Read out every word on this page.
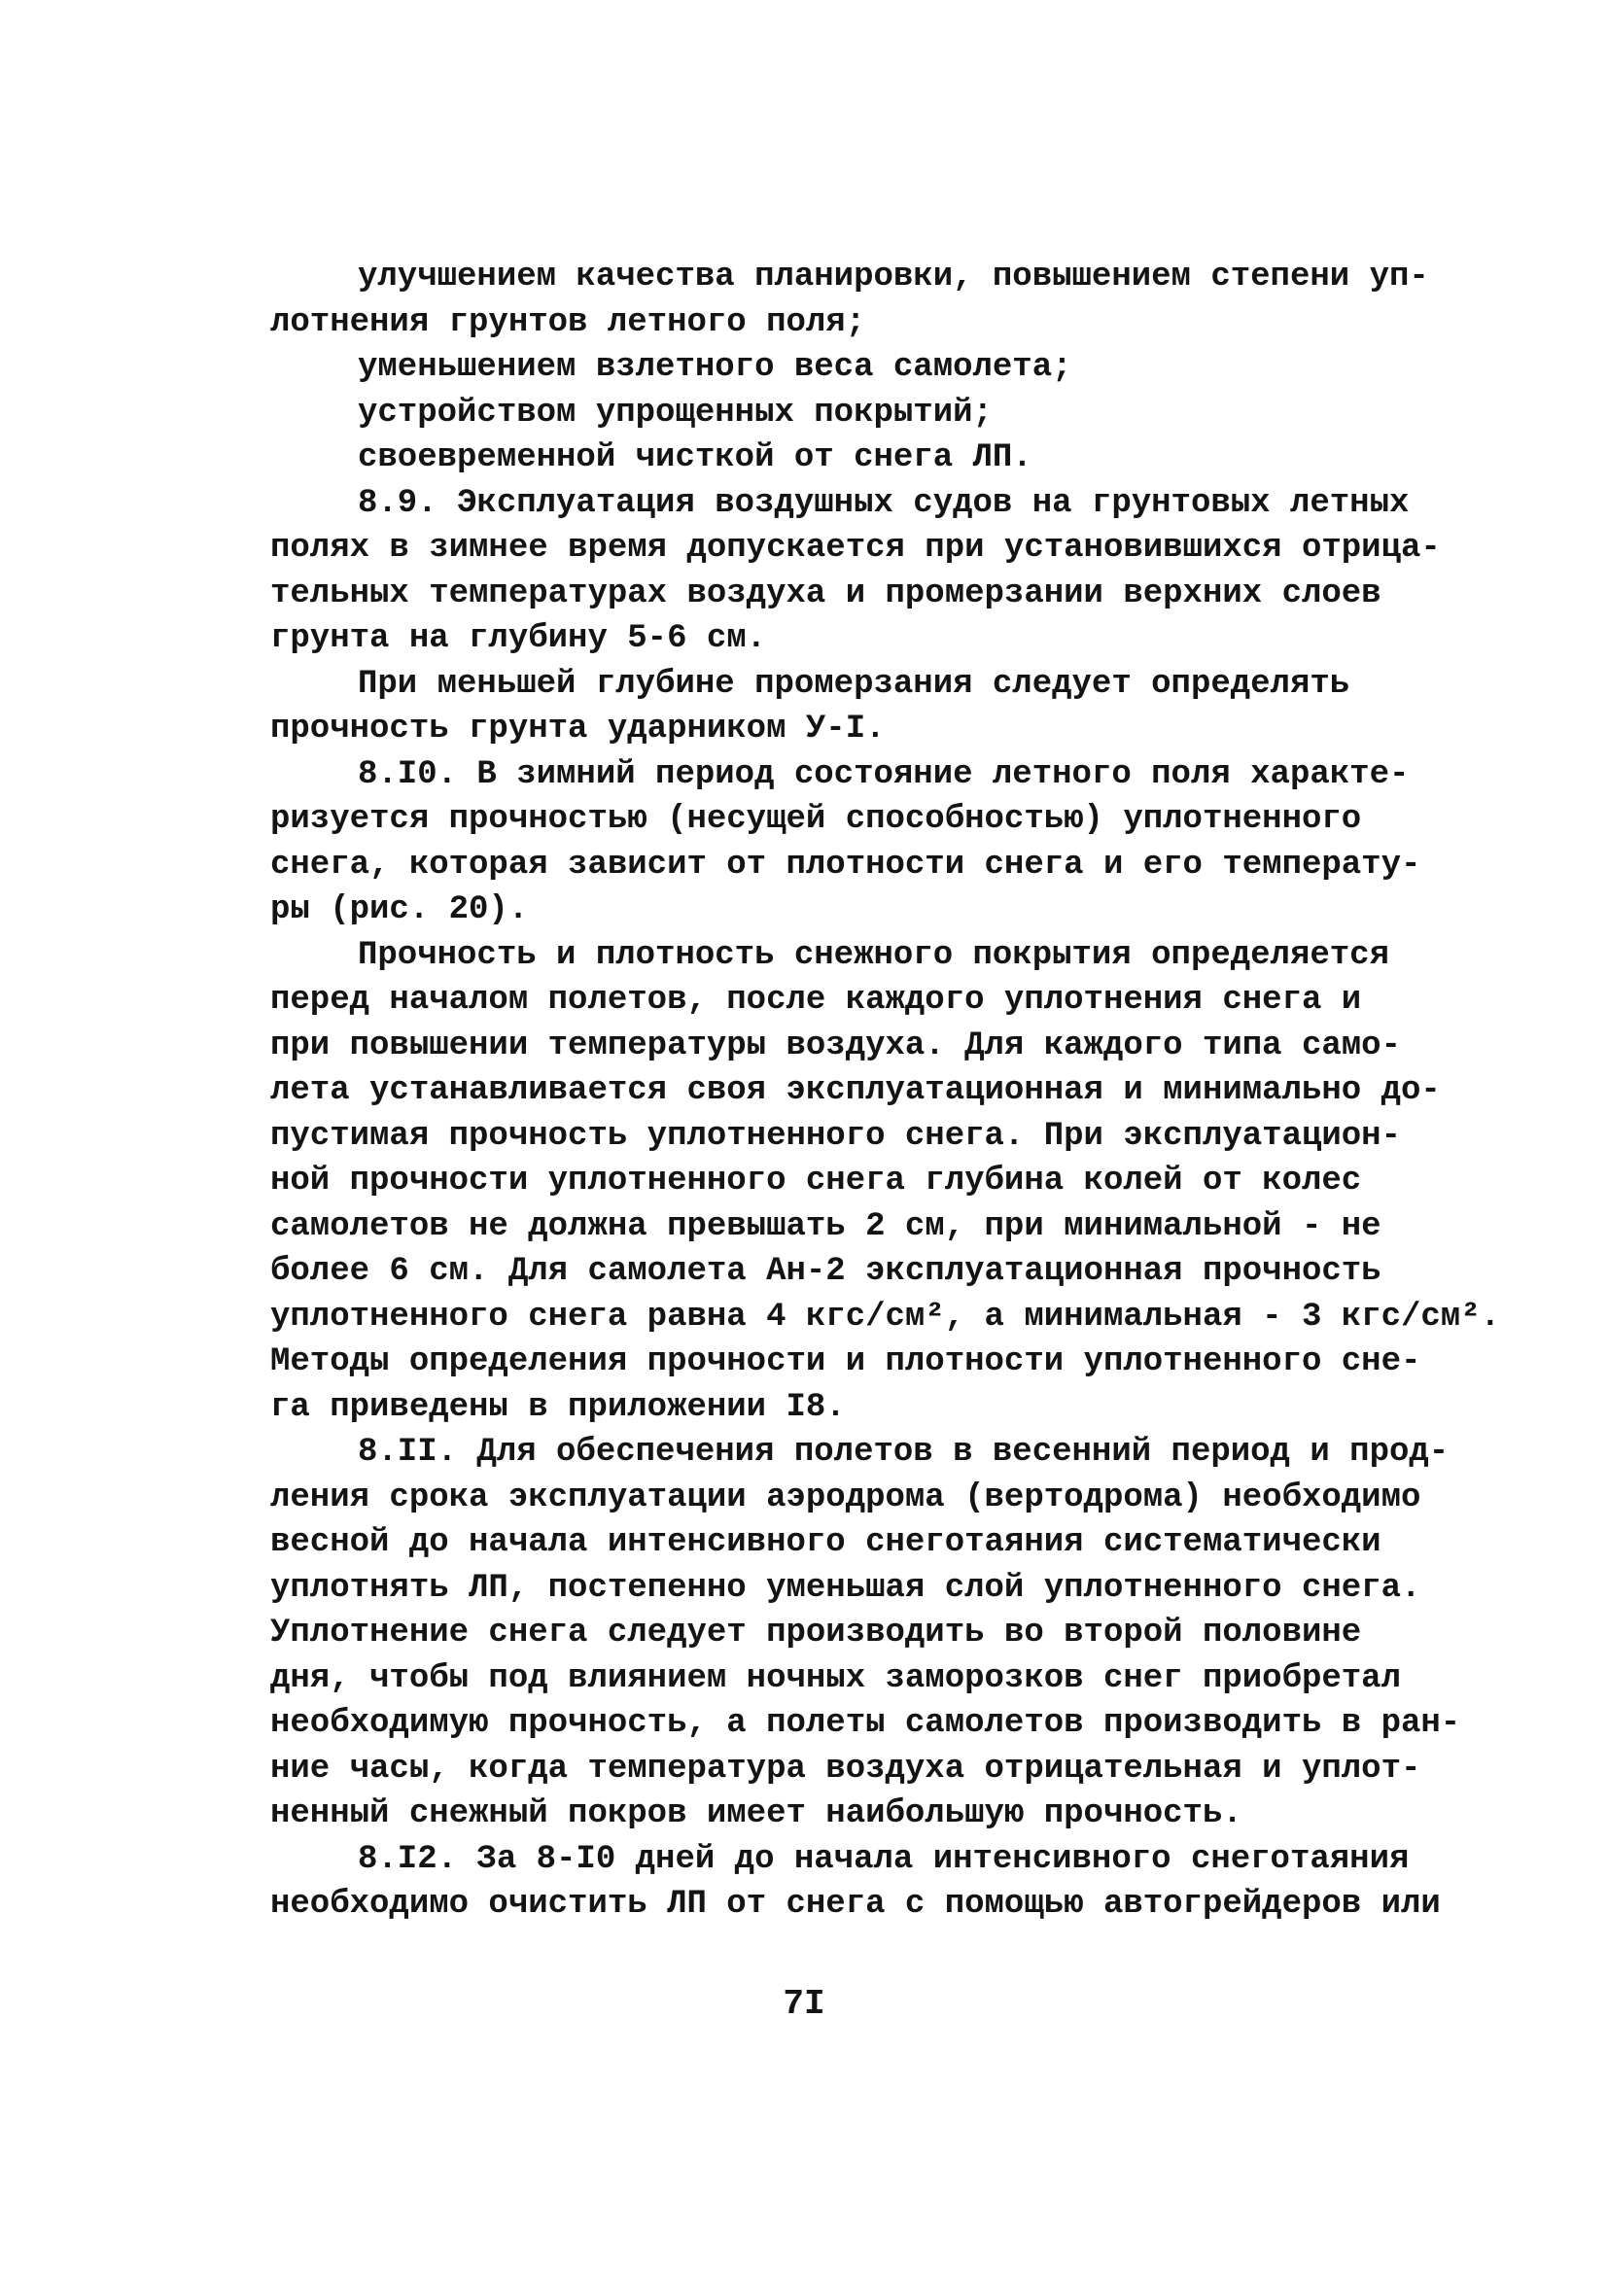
улучшением качества планировки, повышением степени уп-
лотнения грунтов летного поля;
уменьшением взлетного веса самолета;
устройством упрощенных покрытий;
своевременной чисткой от снега ЛП.
8.9. Эксплуатация воздушных судов на грунтовых летных
полях в зимнее время допускается при установившихся отрица-
тельных температурах воздуха и промерзании верхних слоев
грунта на глубину 5-6 см.
При меньшей глубине промерзания следует определять
прочность грунта ударником У-I.
8.I0. В зимний период состояние летного поля характе-
ризуется прочностью (несущей способностью) уплотненного
снега, которая зависит от плотности снега и его температу-
ры (рис. 20).
Прочность и плотность снежного покрытия определяется
перед началом полетов, после каждого уплотнения снега и
при повышении температуры воздуха. Для каждого типа само-
лета устанавливается своя эксплуатационная и минимально до-
пустимая прочность уплотненного снега. При эксплуатацион-
ной прочности уплотненного снега глубина колей от колес
самолетов не должна превышать 2 см, при минимальной - не
более 6 см. Для самолета Ан-2 эксплуатационная прочность
уплотненного снега равна 4 кгс/см², а минимальная - 3 кгс/см².
Методы определения прочности и плотности уплотненного сне-
га приведены в приложении I8.
8.II. Для обеспечения полетов в весенний период и прод-
ления срока эксплуатации аэродрома (вертодрома) необходимо
весной до начала интенсивного снеготаяния систематически
уплотнять ЛП, постепенно уменьшая слой уплотненного снега.
Уплотнение снега следует производить во второй половине
дня, чтобы под влиянием ночных заморозков снег приобретал
необходимую прочность, а полеты самолетов производить в ран-
ние часы, когда температура воздуха отрицательная и уплот-
ненный снежный покров имеет наибольшую прочность.
8.I2. За 8-I0 дней до начала интенсивного снеготаяния
необходимо очистить ЛП от снега с помощью автогрейдеров или
7I
